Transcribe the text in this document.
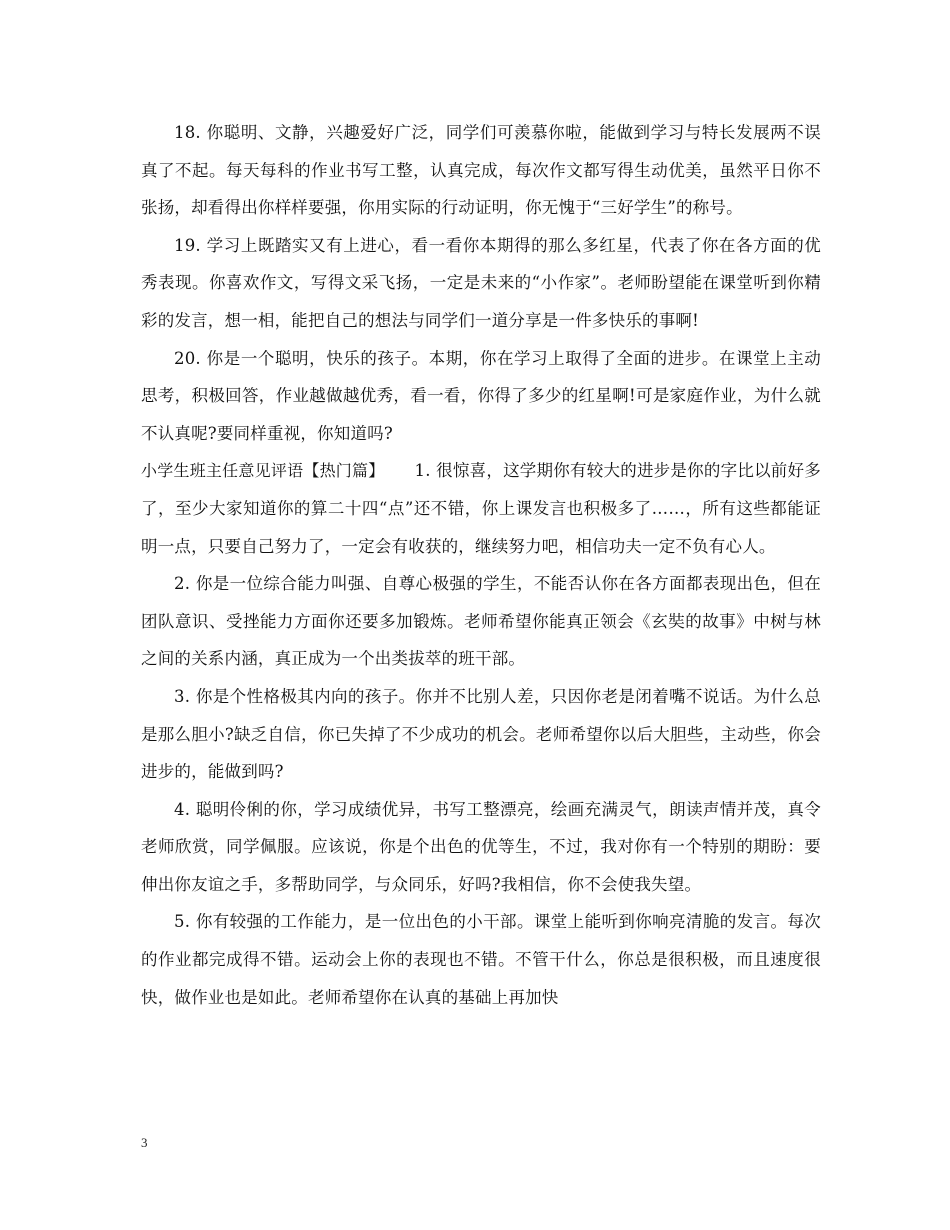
18. 你聪明、文静，兴趣爱好广泛，同学们可羡慕你啦，能做到学习与特长发展两不误真了不起。每天每科的作业书写工整，认真完成，每次作文都写得生动优美，虽然平日你不张扬，却看得出你样样要强，你用实际的行动证明，你无愧于“三好学生”的称号。

19. 学习上既踏实又有上进心，看一看你本期得的那么多红星，代表了你在各方面的优秀表现。你喜欢作文，写得文采飞扬，一定是未来的“小作家”。老师盼望能在课堂听到你精彩的发言，想一相，能把自己的想法与同学们一道分享是一件多快乐的事啊!

20. 你是一个聪明，快乐的孩子。本期，你在学习上取得了全面的进步。在课堂上主动思考，积极回答，作业越做越优秀，看一看，你得了多少的红星啊!可是家庭作业，为什么就不认真呢?要同样重视，你知道吗?

小学生班主任意见评语【热门篇】 1. 很惊喜，这学期你有较大的进步是你的字比以前好多了，至少大家知道你的算二十四“点”还不错，你上课发言也积极多了……，所有这些都能证明一点，只要自己努力了，一定会有收获的，继续努力吧，相信功夫一定不负有心人。

2. 你是一位综合能力叫强、自尊心极强的学生，不能否认你在各方面都表现出色，但在团队意识、受挫能力方面你还要多加锻炼。老师希望你能真正领会《玄奘的故事》中树与林之间的关系内涵，真正成为一个出类拔萃的班干部。

3. 你是个性格极其内向的孩子。你并不比别人差，只因你老是闭着嘴不说话。为什么总是那么胆小?缺乏自信，你已失掉了不少成功的机会。老师希望你以后大胆些，主动些，你会进步的，能做到吗?

4. 聪明伶俐的你，学习成绩优异，书写工整漂亮，绘画充满灵气，朗读声情并茂，真令老师欣赏，同学佩服。应该说，你是个出色的优等生，不过，我对你有一个特别的期盼：要伸出你友谊之手，多帮助同学，与众同乐，好吗?我相信，你不会使我失望。

5. 你有较强的工作能力，是一位出色的小干部。课堂上能听到你响亮清脆的发言。每次的作业都完成得不错。运动会上你的表现也不错。不管干什么，你总是很积极，而且速度很快，做作业也是如此。老师希望你在认真的基础上再加快

3
